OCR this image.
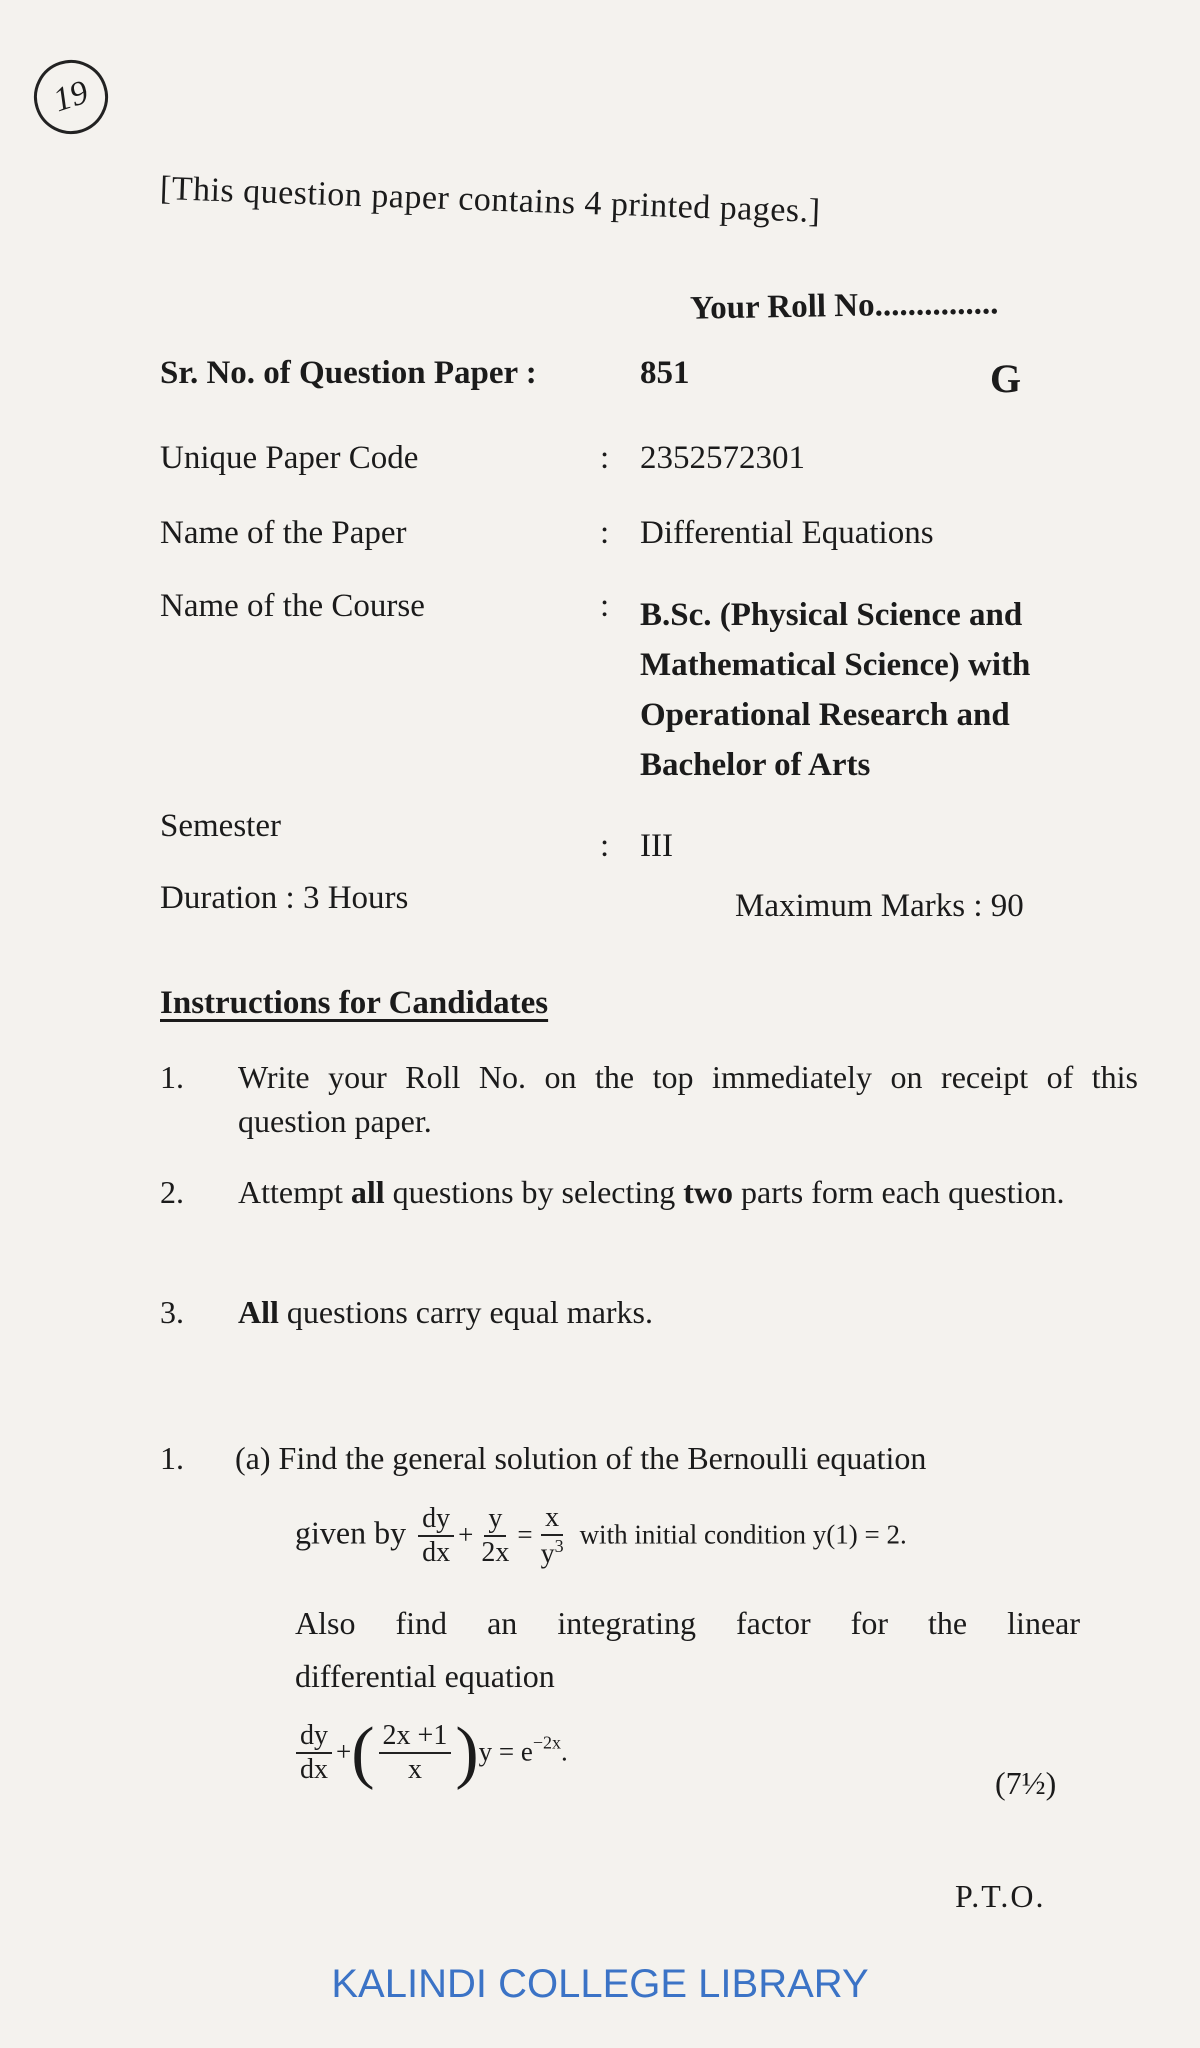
19
[This question paper contains 4 printed pages.]
Your Roll No...............
G
Sr. No. of Question Paper :	851
Unique Paper Code	: 2352572301
Name of the Paper	: Differential Equations
Name of the Course	: B.Sc. (Physical Science and
Mathematical Science) with
Operational Research and
Bachelor of Arts
Semester
: III
Duration : 3 Hours	Maximum Marks : 90
Instructions for Candidates
1. Write your Roll No. on the top immediately on receipt of this question paper.
2. Attempt all questions by selecting two parts form each question.
3. All questions carry equal marks.
1. (a) Find the general solution of the Bernoulli equation
given by $\frac{dy}{dx} + \frac{y}{2x} = \frac{x}{y^3}$ with initial condition y(1) = 2.
Also find an integrating factor for the linear
differential equation
$\frac{dy}{dx}$ +( $\frac{2x +1}{x} )y = e^{-2x}$.
(7½)
P.T.O.
KALINDI COLLEGE LIBRARY
